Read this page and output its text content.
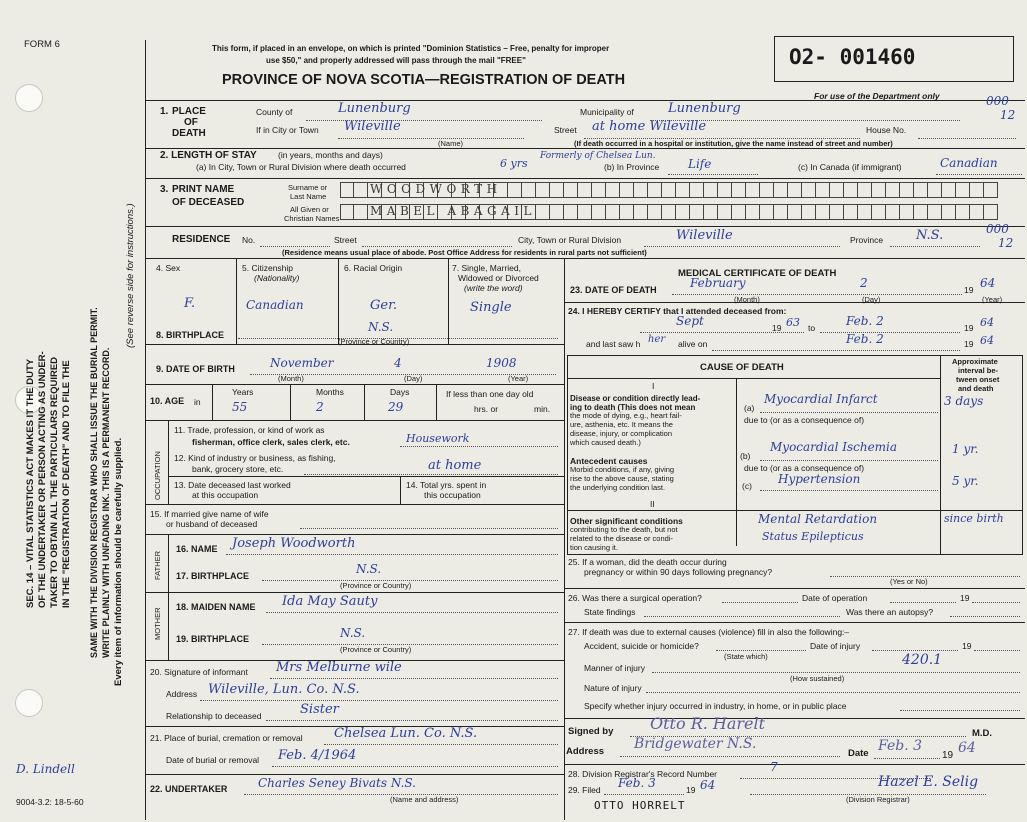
D. Lindell
9004-3.2: 18-5-60
FORM 6
SEC. 14 – VITAL STATISTICS ACT MAKES IT THE DUTY OF THE UNDERTAKER OR PERSON ACTING AS UNDER- TAKER TO OBTAIN ALL THE PARTICULARS REQUIRED IN THE "REGISTRATION OF DEATH" AND TO FILE THE SAME WITH THE DIVISION REGISTRAR WHO SHALL ISSUE THE BURIAL PERMIT. WRITE PLAINLY WITH UNFADING INK. THIS IS A PERMANENT RECORD. Every item of information should be carefully supplied.
(See reverse side for instructions.)
This form, if placed in an envelope, on which is printed "Dominion Statistics – Free, penalty for improper
use $50," and properly addressed will pass through the mail "FREE"
PROVINCE OF NOVA SCOTIA—REGISTRATION OF DEATH
O2- 001460
For use of the Department only	000
12
1. PLACE
OF
DEATH
County of	Lunenburg	Municipality of	Lunenburg
If in City or Town Wileville
(Name)
Street at home Wileville	House No.
(If death occurred in a hospital or institution, give the name instead of street and number)
2. LENGTH OF STAY	(in years, months and days)
(a) In City, Town or Rural Division where death occurred	6 yrs
Formerly of Chelsea Lun.
(b) In Province Life	(c) In Canada (if immigrant)	Canadian
3. PRINT NAME
OF DECEASED
Surname or
Last Name
All Given or
Christian Names
WOODWORTH
MABEL ABAGAIL
RESIDENCE No.	Street	City, Town or Rural Division	Wileville	Province	N.S.	000
12
(Residence means usual place of abode. Post Office Address for residents in rural parts not sufficient)
4. Sex
F.
5. Citizenship
(Nationality)
Canadian
6. Racial Origin
Ger.
7. Single, Married,
Widowed or Divorced
(write the word)
Single
8. BIRTHPLACE
N.S.
(Province or Country)
9. DATE OF BIRTH	November	4	1908
(Month)	(Day)	(Year)
10. AGE in
Years
55
Months
2
Days
29
If less than one day old
hrs. or	min.
OCCUPATION
11. Trade, profession, or kind of work as
fisherman, office clerk, sales clerk, etc.	Housework
12. Kind of industry or business, as fishing,
bank, grocery store, etc.	at home
13. Date deceased last worked
at this occupation
14. Total yrs. spent in
this occupation
15. If married give name of wife
or husband of deceased
FATHER
16. NAME Joseph Woodworth
17. BIRTHPLACE	N.S.
(Province or Country)
MOTHER
18. MAIDEN NAME Ida May Sauty
19. BIRTHPLACE	N.S.
(Province or Country)
20. Signature of informant Mrs Melburne wile
Address Wileville, Lun. Co. N.S.
Relationship to deceased	Sister
21. Place of burial, cremation or removal Chelsea Lun. Co. N.S.
Date of burial or removal Feb. 4/1964
22. UNDERTAKER	Charles Seney Bivats N.S.
(Name and address)
MEDICAL CERTIFICATE OF DEATH
23. DATE OF DEATH	February	2	19 64
(Month)	(Day)	(Year)
24. I HEREBY CERTIFY that I attended deceased from:
Sept	19 63 to	Feb. 2	19 64
and last saw h her alive on	Feb. 2	19 64
CAUSE OF DEATH
Approximate
interval be-
tween onset
and death
I
Disease or condition directly lead-
ing to death (This does not mean
the mode of dying, e.g., heart fail-
ure, asthenia, etc. It means the
disease, injury, or complication
which caused death.)
(a)
Myocardial Infarct	3 days
due to (or as a consequence of)
Antecedent causes
Morbid conditions, if any, giving
rise to the above cause, stating
the underlying condition last.
(b)
Myocardial Ischemia	1 yr.
due to (or as a consequence of)
(c) Hypertension	5 yr.
II
Other significant conditions
contributing to the death, but not
related to the disease or condi-
tion causing it.
Mental Retardation
Status Epilepticus
since birth
25. If a woman, did the death occur during
pregnancy or within 90 days following pregnancy?
(Yes or No)
26. Was there a surgical operation?	Date of operation	19
State findings	Was there an autopsy?
27. If death was due to external causes (violence) fill in also the following:–
Accident, suicide or homicide?	Date of injury	19
(State which)	420.1
Manner of injury
(How sustained)
Nature of injury
Specify whether injury occurred in industry, in home, or in public place
Signed by Otto R. Harelt
M.D.
Address Bridgewater N.S.
Date Feb. 3
19 64
28. Division Registrar's Record Number	7
29. Filed Feb. 3	19 64	Hazel E. Selig
(Division Registrar)
OTTO HORRELT
